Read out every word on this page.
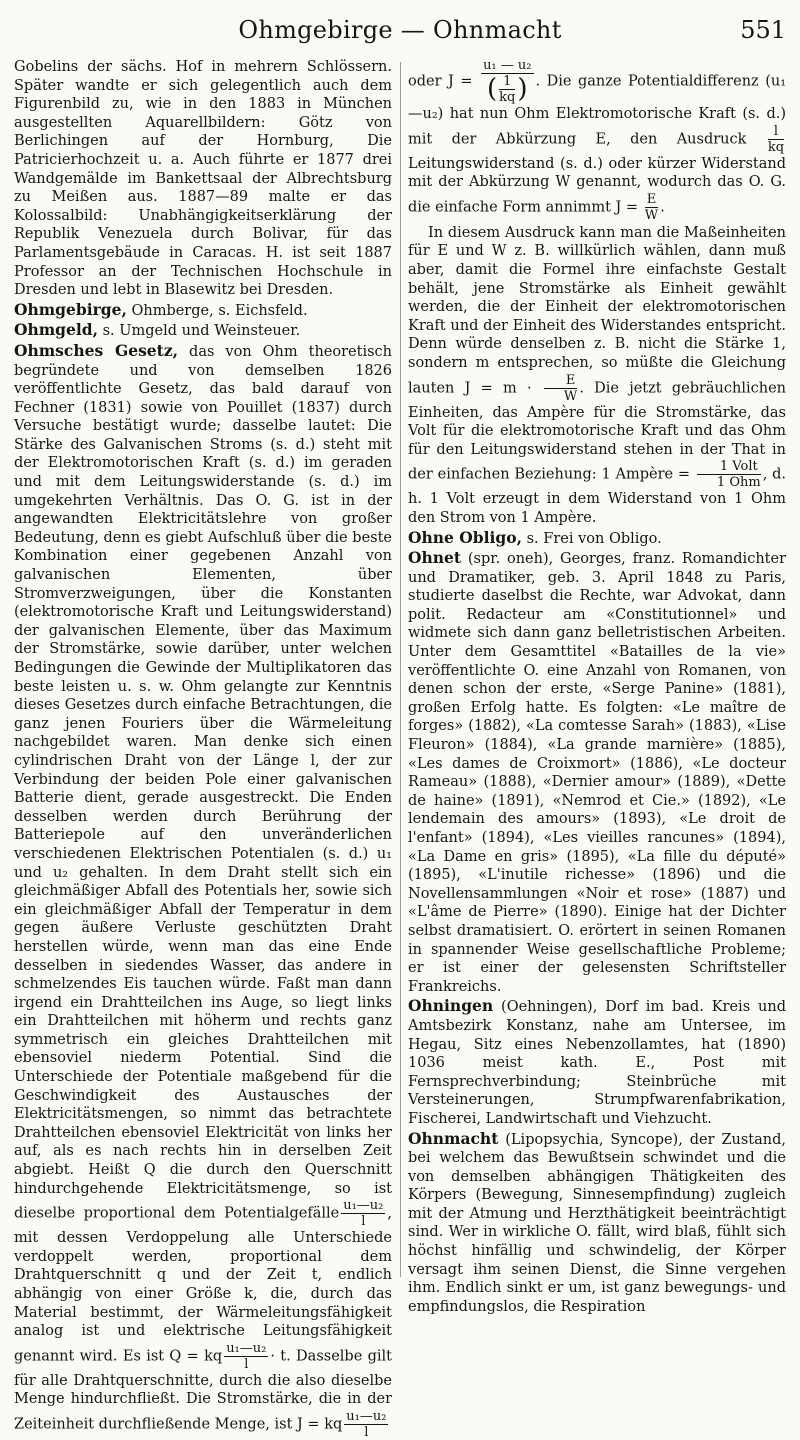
Ohmgebirge — Ohnmacht	551

Gobelins der sächs. Hof in mehrern Schlössern. Später wandte er sich gelegentlich auch dem Figurenbild zu, wie in den 1883 in München ausgestellten Aquarellbildern: Götz von Berlichingen auf der Hornburg, Die Patricierhochzeit u. a. Auch führte er 1877 drei Wandgemälde im Bankettsaal der Albrechtsburg zu Meißen aus. 1887—89 malte er das Kolossalbild: Unabhängigkeitserklärung der Republik Venezuela durch Bolivar, für das Parlamentsgebäude in Caracas. H. ist seit 1887 Professor an der Technischen Hochschule in Dresden und lebt in Blasewitz bei Dresden.

Ohmgebirge, Ohmberge, s. Eichsfeld.

Ohmgeld, s. Umgeld und Weinsteuer.

Ohmsches Gesetz, das von Ohm theoretisch begründete und von demselben 1826 veröffentlichte Gesetz, das bald darauf von Fechner (1831) sowie von Pouillet (1837) durch Versuche bestätigt wurde; dasselbe lautet: Die Stärke des Galvanischen Stroms (s. d.) steht mit der Elektromotorischen Kraft (s. d.) im geraden und mit dem Leitungswiderstande (s. d.) im umgekehrten Verhältnis. Das O. G. ist in der angewandten Elektricitätslehre von großer Bedeutung, denn es giebt Aufschluß über die beste Kombination einer gegebenen Anzahl von galvanischen Elementen, über Stromverzweigungen, über die Konstanten (elektromotorische Kraft und Leitungswiderstand) der galvanischen Elemente, über das Maximum der Stromstärke, sowie darüber, unter welchen Bedingungen die Gewinde der Multiplikatoren das beste leisten u. s. w. Ohm gelangte zur Kenntnis dieses Gesetzes durch einfache Betrachtungen, die ganz jenen Fouriers über die Wärmeleitung nachgebildet waren. Man denke sich einen cylindrischen Draht von der Länge l, der zur Verbindung der beiden Pole einer galvanischen Batterie dient, gerade ausgestreckt. Die Enden desselben werden durch Berührung der Batteriepole auf den unveränderlichen verschiedenen Elektrischen Potentialen (s. d.) u₁ und u₂ gehalten. In dem Draht stellt sich ein gleichmäßiger Abfall des Potentials her, sowie sich ein gleichmäßiger Abfall der Temperatur in dem gegen äußere Verluste geschützten Draht herstellen würde, wenn man das eine Ende desselben in siedendes Wasser, das andere in schmelzendes Eis tauchen würde. Faßt man dann irgend ein Drahtteilchen ins Auge, so liegt links ein Drahtteilchen mit höherm und rechts ganz symmetrisch ein gleiches Drahtteilchen mit ebensoviel niederm Potential. Sind die Unterschiede der Potentiale maßgebend für die Geschwindigkeit des Austausches der Elektricitätsmengen, so nimmt das betrachtete Drahtteilchen ebensoviel Elektricität von links her auf, als es nach rechts hin in derselben Zeit abgiebt. Heißt Q die durch den Querschnitt hindurchgehende Elektricitätsmenge, so ist dieselbe proportional dem Potentialgefälle $\frac{\text{u₁—u₂}}{l}$ , mit dessen Verdoppelung alle Unterschiede verdoppelt werden, proportional dem Drahtquerschnitt q und der Zeit t, endlich abhängig von einer Größe k, die, durch das Material bestimmt, der Wärmeleitungsfähigkeit analog ist und elektrische Leitungsfähigkeit genannt wird. Es ist Q = kq $\frac{\text{u₁—u₂}}{l} \cdot t$. Dasselbe gilt für alle Drahtquerschnitte, durch die also dieselbe Menge hindurchfließt. Die Stromstärke, die in der Zeiteinheit durchfließende Menge, ist J = kq $\frac{\text{u₁—u₂}}{l}$

oder $J = \frac{\text{u₁ — u₂}}{( \frac{1}{kq} )}$ . Die ganze Potentialdifferenz (u₁—u₂) hat nun Ohm Elektromotorische Kraft (s. d.) mit der Abkürzung E, den Ausdruck $\frac{l}{kq}$
Leitungswiderstand (s. d.) oder kürzer Widerstand mit der Abkürzung W genannt, wodurch das O. G. die einfache Form annimmt $J = \frac{E}{W}$ .

In diesem Ausdruck kann man die Maßeinheiten für E und W z. B. willkürlich wählen, dann muß aber, damit die Formel ihre einfachste Gestalt behält, jene Stromstärke als Einheit gewählt werden, die der Einheit der elektromotorischen Kraft und der Einheit des Widerstandes entspricht. Denn würde denselben z. B. nicht die Stärke 1, sondern m entsprechen, so müßte die Gleichung lauten $J = m \cdot \frac{E}{W}$ . Die jetzt gebräuchlichen Einheiten, das Ampère für die Stromstärke, das Volt für die elektromotorische Kraft und das Ohm für den Leitungswiderstand stehen in der That in der einfachen Beziehung: 1 Ampère = $\frac{\text{1 Volt}}{\text{1 Ohm}}$ , d. h. 1 Volt erzeugt in dem Widerstand von 1 Ohm den Strom von 1 Ampère.

Ohne Obligo, s. Frei von Obligo.

Ohnet (spr. oneh), Georges, franz. Romandichter und Dramatiker, geb. 3. April 1848 zu Paris, studierte daselbst die Rechte, war Advokat, dann polit. Redacteur am «Constitutionnel» und widmete sich dann ganz belletristischen Arbeiten. Unter dem Gesamttitel «Batailles de la vie» veröffentlichte O. eine Anzahl von Romanen, von denen schon der erste, «Serge Panine» (1881), großen Erfolg hatte. Es folgten: «Le maître de forges» (1882), «La comtesse Sarah» (1883), «Lise Fleuron» (1884), «La grande marnière» (1885), «Les dames de Croixmort» (1886), «Le docteur Rameau» (1888), «Dernier amour» (1889), «Dette de haine» (1891), «Nemrod et Cie.» (1892), «Le lendemain des amours» (1893), «Le droit de l'enfant» (1894), «Les vieilles rancunes» (1894), «La Dame en gris» (1895), «La fille du député» (1895), «L'inutile richesse» (1896) und die Novellensammlungen «Noir et rose» (1887) und «L'âme de Pierre» (1890). Einige hat der Dichter selbst dramatisiert. O. erörtert in seinen Romanen in spannender Weise gesellschaftliche Probleme; er ist einer der gelesensten Schriftsteller Frankreichs.

Ohningen (Oehningen), Dorf im bad. Kreis und Amtsbezirk Konstanz, nahe am Untersee, im Hegau, Sitz eines Nebenzollamtes, hat (1890) 1036 meist kath. E., Post mit Fernsprechverbindung; Steinbrüche mit Versteinerungen, Strumpfwarenfabrikation, Fischerei, Landwirtschaft und Viehzucht.

Ohnmacht (Lipopsychia, Syncope), der Zustand, bei welchem das Bewußtsein schwindet und die von demselben abhängigen Thätigkeiten des Körpers (Bewegung, Sinnesempfindung) zugleich mit der Atmung und Herzthätigkeit beeinträchtigt sind. Wer in wirkliche O. fällt, wird blaß, fühlt sich höchst hinfällig und schwindelig, der Körper versagt ihm seinen Dienst, die Sinne vergehen ihm. Endlich sinkt er um, ist ganz bewegungs- und empfindungslos, die Respiration
